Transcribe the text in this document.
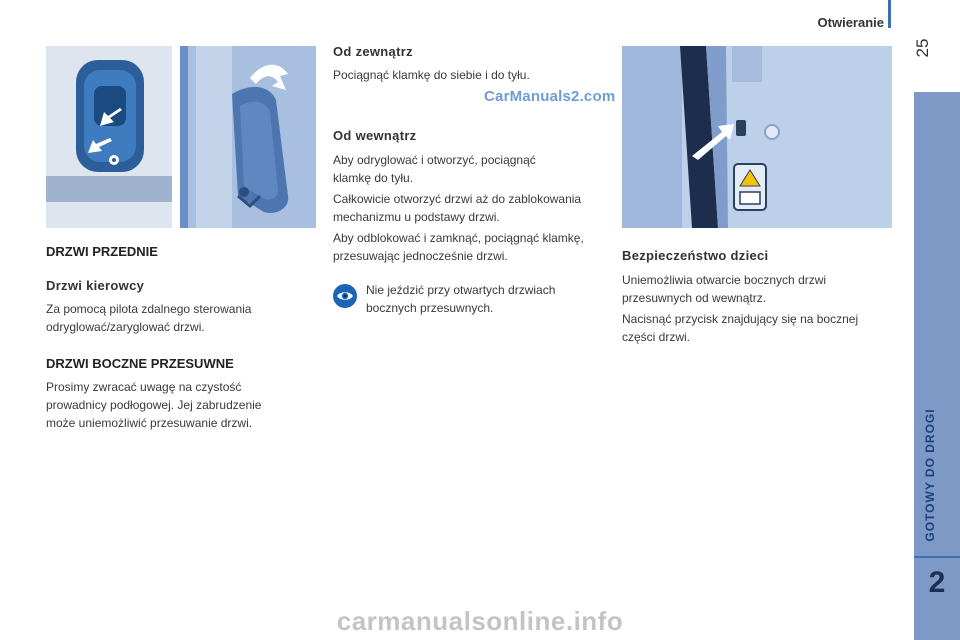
Otwieranie
25
GOTOWY DO DROGI
2
DRZWI PRZEDNIE
Drzwi kierowcy
Za pomocą pilota zdalnego sterowania
odryglować/zaryglować drzwi.
DRZWI BOCZNE PRZESUWNE
Prosimy zwracać uwagę na czystość
prowadnicy podłogowej. Jej zabrudzenie
może uniemożliwić przesuwanie drzwi.
Od zewnątrz
Pociągnąć klamkę do siebie i do tyłu.
CarManuals2.com
Od wewnątrz
Aby odryglować i otworzyć, pociągnąć
klamkę do tyłu.
Całkowicie otworzyć drzwi aż do zablokowania
mechanizmu u podstawy drzwi.
Aby odblokować i zamknąć, pociągnąć klamkę,
przesuwając jednocześnie drzwi.
Nie jeździć przy otwartych drzwiach
bocznych przesuwnych.
Bezpieczeństwo dzieci
Uniemożliwia otwarcie bocznych drzwi
przesuwnych od wewnątrz.
Nacisnąć przycisk znajdujący się na bocznej
części drzwi.
carmanualsonline.info
